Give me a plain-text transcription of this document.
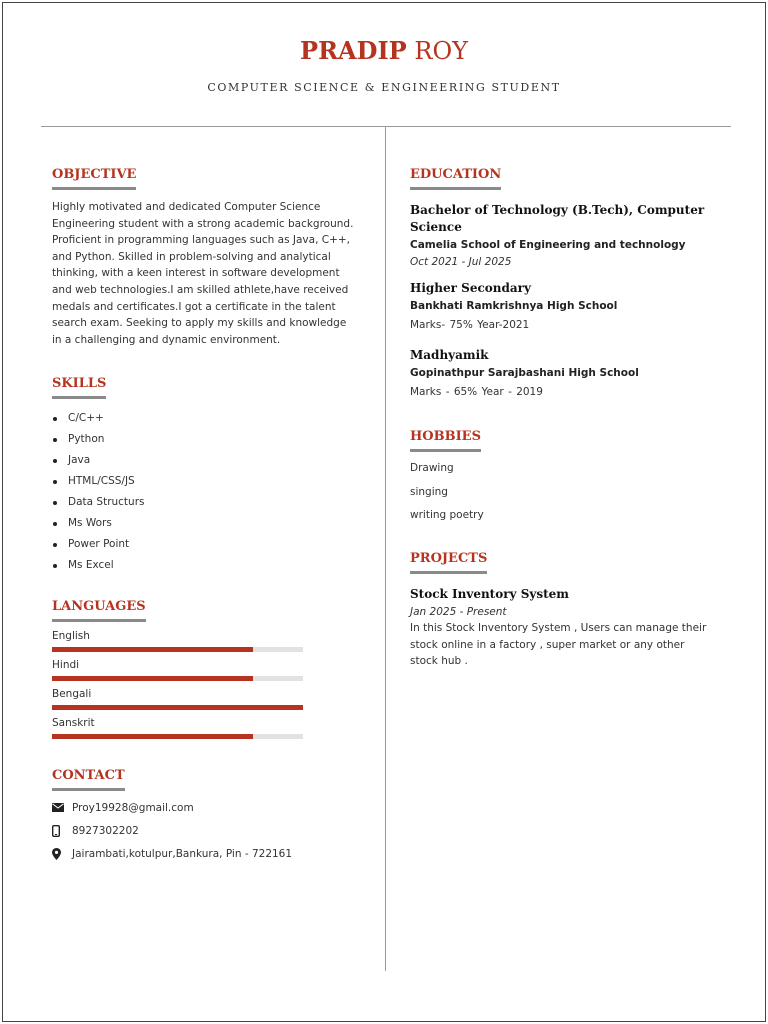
PRADIP ROY
COMPUTER SCIENCE & ENGINEERING STUDENT
OBJECTIVE
Highly motivated and dedicated Computer Science
Engineering student with a strong academic background.
Proficient in programming languages such as Java, C++,
and Python. Skilled in problem-solving and analytical
thinking, with a keen interest in software development
and web technologies.I am skilled athlete,have received
medals and certificates.I got a certificate in the talent
search exam. Seeking to apply my skills and knowledge
in a challenging and dynamic environment.
SKILLS
C/C++
Python
Java
HTML/CSS/JS
Data Structurs
Ms Wors
Power Point
Ms Excel
LANGUAGES
English
Hindi
Bengali
Sanskrit
CONTACT
Proy19928@gmail.com
8927302202
Jairambati,kotulpur,Bankura, Pin - 722161
EDUCATION
Bachelor of Technology (B.Tech), Computer
Science
Camelia School of Engineering and technology
Oct 2021 - Jul 2025
Higher Secondary
Bankhati Ramkrishnya High School
Marks- 75% Year-2021
Madhyamik
Gopinathpur Sarajbashani High School
Marks - 65% Year - 2019
HOBBIES
Drawing
singing
writing poetry
PROJECTS
Stock Inventory System
Jan 2025 - Present
In this Stock Inventory System , Users can manage their
stock online in a factory , super market or any other
stock hub .
